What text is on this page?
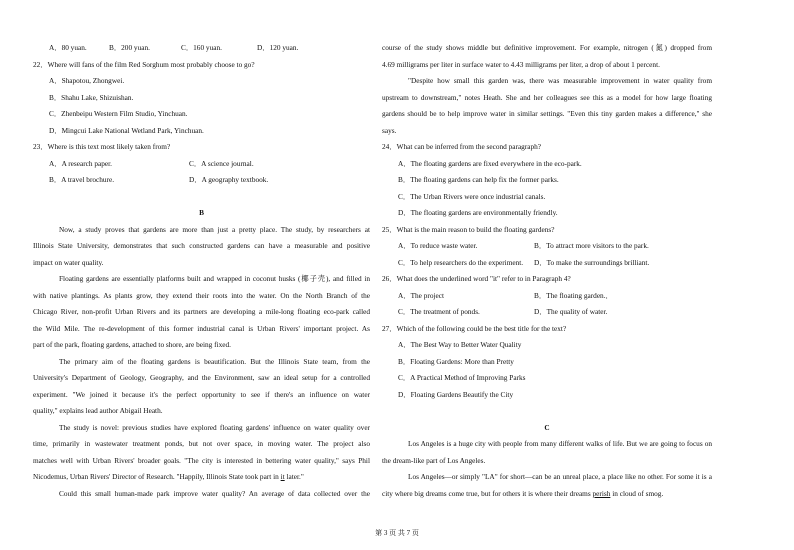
A．80 yuan.	B．200 yuan.	C．160 yuan.	D．120 yuan.
22．Where will fans of the film Red Sorghum most probably choose to go?
A．Shapotou, Zhongwei.
B．Shahu Lake, Shizuishan.
C．Zhenbeipu Western Film Studio, Yinchuan.
D．Mingcui Lake National Wetland Park, Yinchuan.
23．Where is this text most likely taken from?
A．A research paper.	C．A science journal.
B．A travel brochure.	D．A geography textbook.
B
Now, a study proves that gardens are more than just a pretty place. The study, by researchers at
Illinois State University, demonstrates that such constructed gardens can have a measurable and positive
impact on water quality.
Floating gardens are essentially platforms built and wrapped in coconut husks (椰子壳), and filled in
with native plantings. As plants grow, they extend their roots into the water. On the North Branch of the
Chicago River, non-profit Urban Rivers and its partners are developing a mile-long floating eco-park called
the Wild Mile. The re-development of this former industrial canal is Urban Rivers' important project. As
part of the park, floating gardens, attached to shore, are being fixed.
The primary aim of the floating gardens is beautification. But the Illinois State team, from the
University's Department of Geology, Geography, and the Environment, saw an ideal setup for a controlled
experiment. "We joined it because it's the perfect opportunity to see if there's an influence on water
quality," explains lead author Abigail Heath.
The study is novel: previous studies have explored floating gardens' influence on water quality over
time, primarily in wastewater treatment ponds, but not over space, in moving water. The project also
matches well with Urban Rivers' broader goals. "The city is interested in bettering water quality," says Phil
Nicodemus, Urban Rivers' Director of Research. "Happily, Illinois State took part in it later."
Could this small human-made park improve water quality? An average of data collected over the
course of the study shows middle but definitive improvement. For example, nitrogen (氮) dropped from
4.69 milligrams per liter in surface water to 4.43 milligrams per liter, a drop of about 1 percent.
"Despite how small this garden was, there was measurable improvement in water quality from
upstream to downstream," notes Heath. She and her colleagues see this as a model for how large floating
gardens should be to help improve water in similar settings. "Even this tiny garden makes a difference," she
says.
24．What can be inferred from the second paragraph?
A．The floating gardens are fixed everywhere in the eco-park.
B．The floating gardens can help fix the former parks.
C．The Urban Rivers were once industrial canals.
D．The floating gardens are environmentally friendly.
25．What is the main reason to build the floating gardens?
A．To reduce waste water.	B．To attract more visitors to the park.
C．To help researchers do the experiment.	D．To make the surroundings brilliant.
26．What does the underlined word "it" refer to in Paragraph 4?
A．The project	B．The floating garden.．
C．The treatment of ponds.	D．The quality of water.
27．Which of the following could be the best title for the text?
A．The Best Way to Better Water Quality
B．Floating Gardens: More than Pretty
C．A Practical Method of Improving Parks
D．Floating Gardens Beautify the City
C
Los Angeles is a huge city with people from many different walks of life. But we are going to focus on
the dream-like part of Los Angeles.
Los Angeles—or simply "LA" for short—can be an unreal place, a place like no other. For some it is a
city where big dreams come true, but for others it is where their dreams perish in cloud of smog.
第 3 页 共 7 页
